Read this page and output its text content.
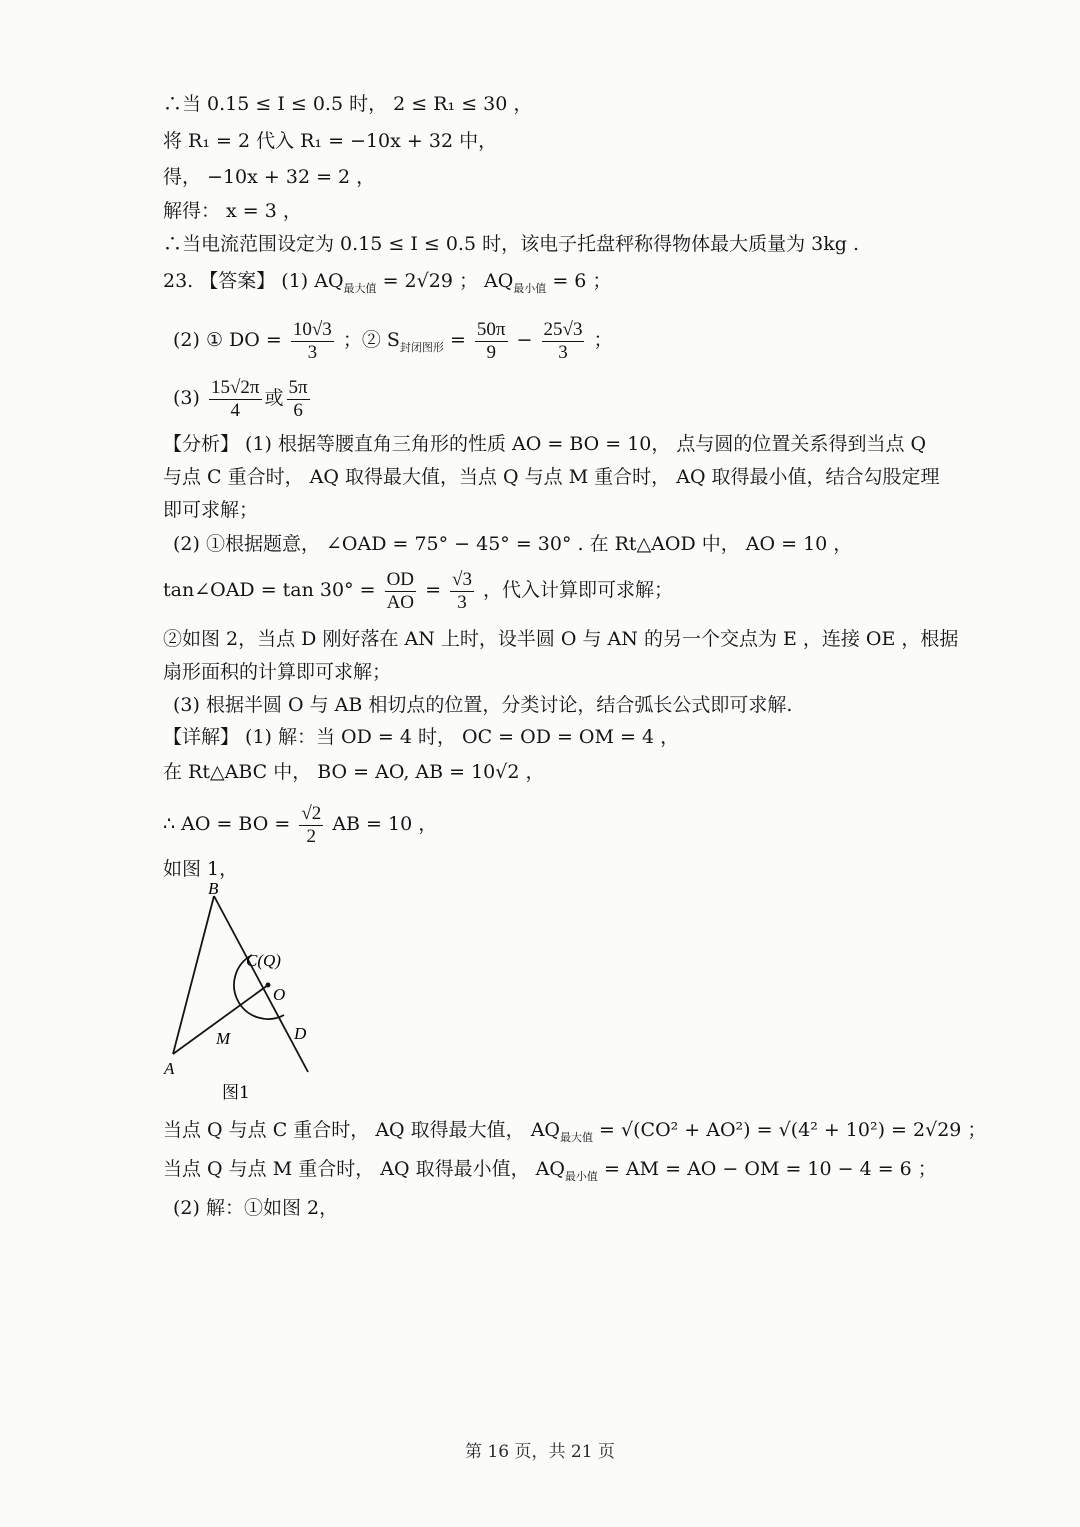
∴当 0.15 ≤ I ≤ 0.5 时， 2 ≤ R₁ ≤ 30 ，
将 R₁ = 2 代入 R₁ = −10x + 32 中，
得， −10x + 32 = 2 ，
解得： x = 3 ，
∴当电流范围设定为 0.15 ≤ I ≤ 0.5 时，该电子托盘秤称得物体最大质量为 3kg .
23. 【答案】 (1) $AQ_{最大值} = 2√29$ ； $AQ_{最小值} = 6$ ；
(2) ① DO = $\frac{10√3}{3}$ ；② $S_{封闭图形} = \frac{50\pi}{9} - \frac{25√3}{3}$ ；
$(3) \frac{15√2\pi}{4}$ 或 $\frac{5\pi}{6}$
【分析】 (1) 根据等腰直角三角形的性质 AO = BO = 10， 点与圆的位置关系得到当点 Q
与点 C 重合时， AQ 取得最大值，当点 Q 与点 M 重合时， AQ 取得最小值，结合勾股定理
即可求解；
(2) ①根据题意， ∠OAD = 75° − 45° = 30° . 在 Rt△AOD 中， AO = 10 ，
tan∠OAD = $\tan 30^\circ = \frac{OD}{AO} = \frac{√3}{3}$ ，代入计算即可求解；
②如图 2，当点 D 刚好落在 AN 上时，设半圆 O 与 AN 的另一个交点为 E ，连接 OE ，根据
扇形面积的计算即可求解；
(3) 根据半圆 O 与 AB 相切点的位置，分类讨论，结合弧长公式即可求解.
【详解】 (1) 解：当 OD = 4 时， OC = OD = OM = 4 ，
在 Rt△ABC 中， BO = AO, AB = 10√2 ，
∴ AO = BO = $\frac{√2}{2}$ AB = 10 ，
如图 1，
B
C(Q)
O
M	D
A
图1
当点 Q 与点 C 重合时， AQ 取得最大值， $AQ_{最大值} = √(CO^2 + AO^2) = √(4^2 + 10^2) = 2√29$ ；
当点 Q 与点 M 重合时， AQ 取得最小值， $AQ_{最小值}$ = AM = AO − OM = 10 − 4 = 6 ；
(2) 解：①如图 2，
第 16 页，共 21 页
